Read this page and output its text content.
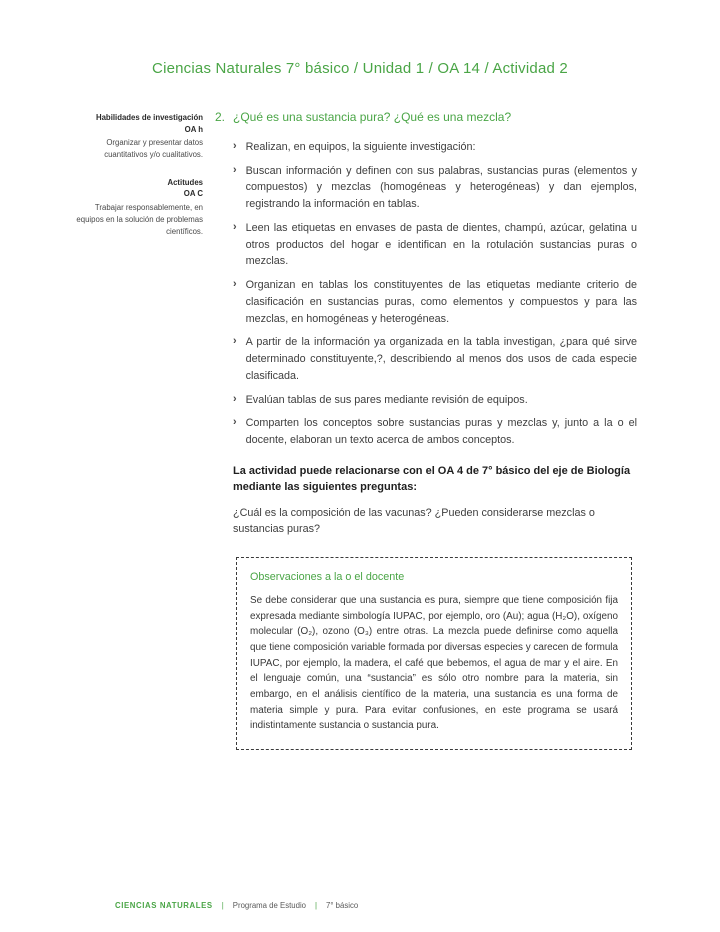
Ciencias Naturales 7° básico / Unidad 1 / OA 14 / Actividad 2
Habilidades de investigación
OA h
Organizar y presentar datos cuantitativos y/o cualitativos.
Actitudes
OA C
Trabajar responsablemente, en equipos en la solución de problemas científicos.
2. ¿Qué es una sustancia pura? ¿Qué es una mezcla?
› Realizan, en equipos, la siguiente investigación:
› Buscan información y definen con sus palabras, sustancias puras (elementos y compuestos) y mezclas (homogéneas y heterogéneas) y dan ejemplos, registrando la información en tablas.
› Leen las etiquetas en envases de pasta de dientes, champú, azúcar, gelatina u otros productos del hogar e identifican en la rotulación sustancias puras o mezclas.
› Organizan en tablas los constituyentes de las etiquetas mediante criterio de clasificación en sustancias puras, como elementos y compuestos y para las mezclas, en homogéneas y heterogéneas.
› A partir de la información ya organizada en la tabla investigan, ¿para qué sirve determinado constituyente,?, describiendo al menos dos usos de cada especie clasificada.
› Evalúan tablas de sus pares mediante revisión de equipos.
› Comparten los conceptos sobre sustancias puras y mezclas y, junto a la o el docente, elaboran un texto acerca de ambos conceptos.

La actividad puede relacionarse con el OA 4 de 7° básico del eje de Biología mediante las siguientes preguntas:

¿Cuál es la composición de las vacunas? ¿Pueden considerarse mezclas o sustancias puras?

Observaciones a la o el docente

Se debe considerar que una sustancia es pura, siempre que tiene composición fija expresada mediante simbología IUPAC, por ejemplo, oro (Au); agua (H₂O), oxígeno molecular (O₂), ozono (O₃) entre otras. La mezcla puede definirse como aquella que tiene composición variable formada por diversas especies y carecen de formula IUPAC, por ejemplo, la madera, el café que bebemos, el agua de mar y el aire. En el lenguaje común, una “sustancia” es sólo otro nombre para la materia, sin embargo, en el análisis científico de la materia, una sustancia es una forma de materia simple y pura. Para evitar confusiones, en este programa se usará indistintamente sustancia o sustancia pura.

CIENCIAS NATURALES | Programa de Estudio | 7° básico
